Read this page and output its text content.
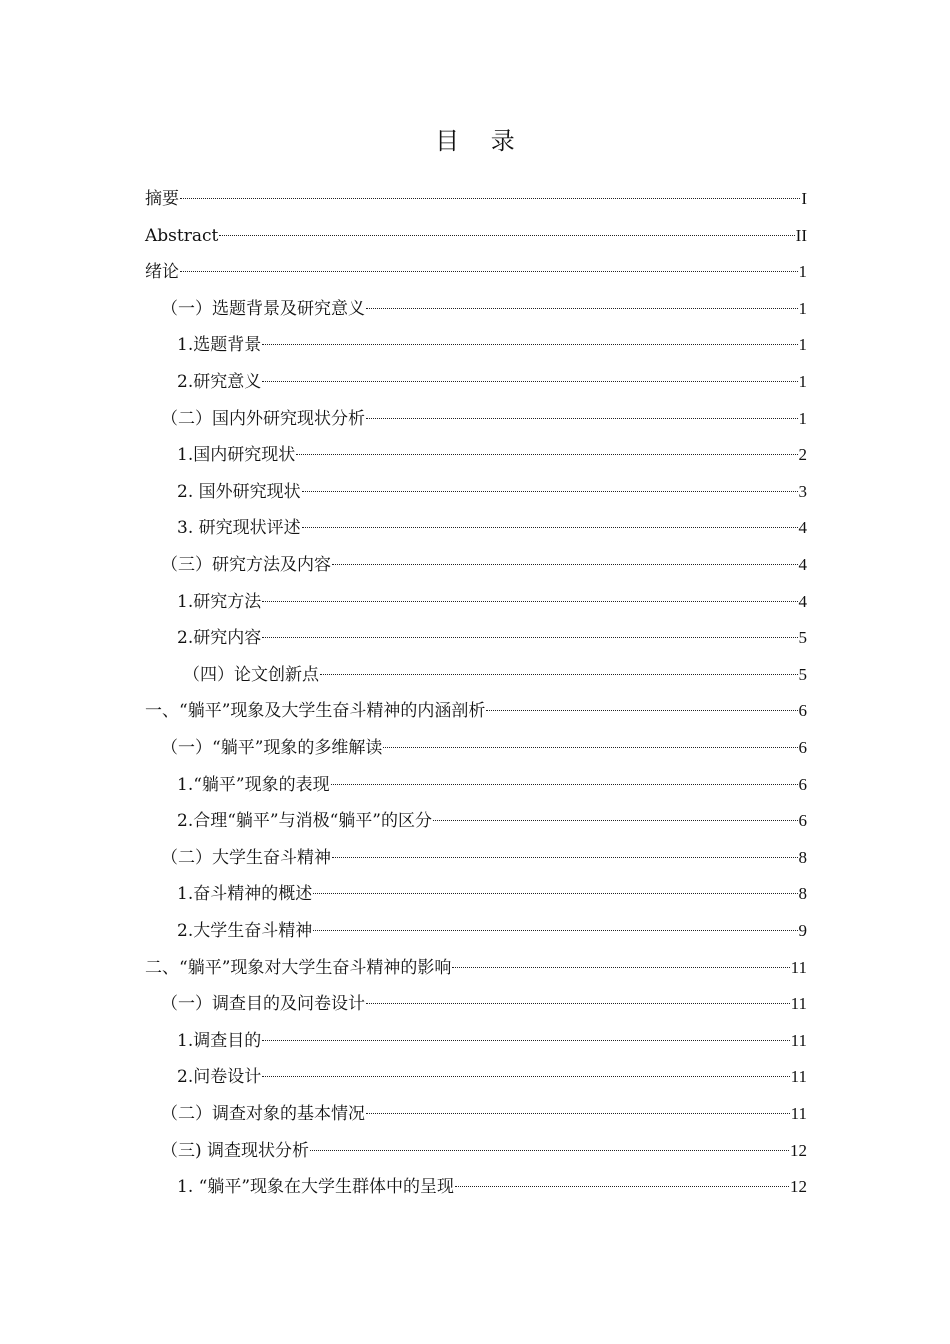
目 录
摘要	I
Abstract	II
绪论	1
（一）选题背景及研究意义	1
1.选题背景	1
2.研究意义	1
（二）国内外研究现状分析	1
1.国内研究现状	2
2. 国外研究现状	3
3. 研究现状评述	4
（三）研究方法及内容	4
1.研究方法	4
2.研究内容	5
（四）论文创新点	5
一、“躺平”现象及大学生奋斗精神的内涵剖析	6
（一）“躺平”现象的多维解读	6
1.“躺平”现象的表现	6
2.合理“躺平”与消极“躺平”的区分	6
（二）大学生奋斗精神	8
1.奋斗精神的概述	8
2.大学生奋斗精神	9
二、“躺平”现象对大学生奋斗精神的影响	11
（一）调查目的及问卷设计	11
1.调查目的	11
2.问卷设计	11
（二）调查对象的基本情况	11
（三) 调查现状分析	12
1. “躺平”现象在大学生群体中的呈现	12
